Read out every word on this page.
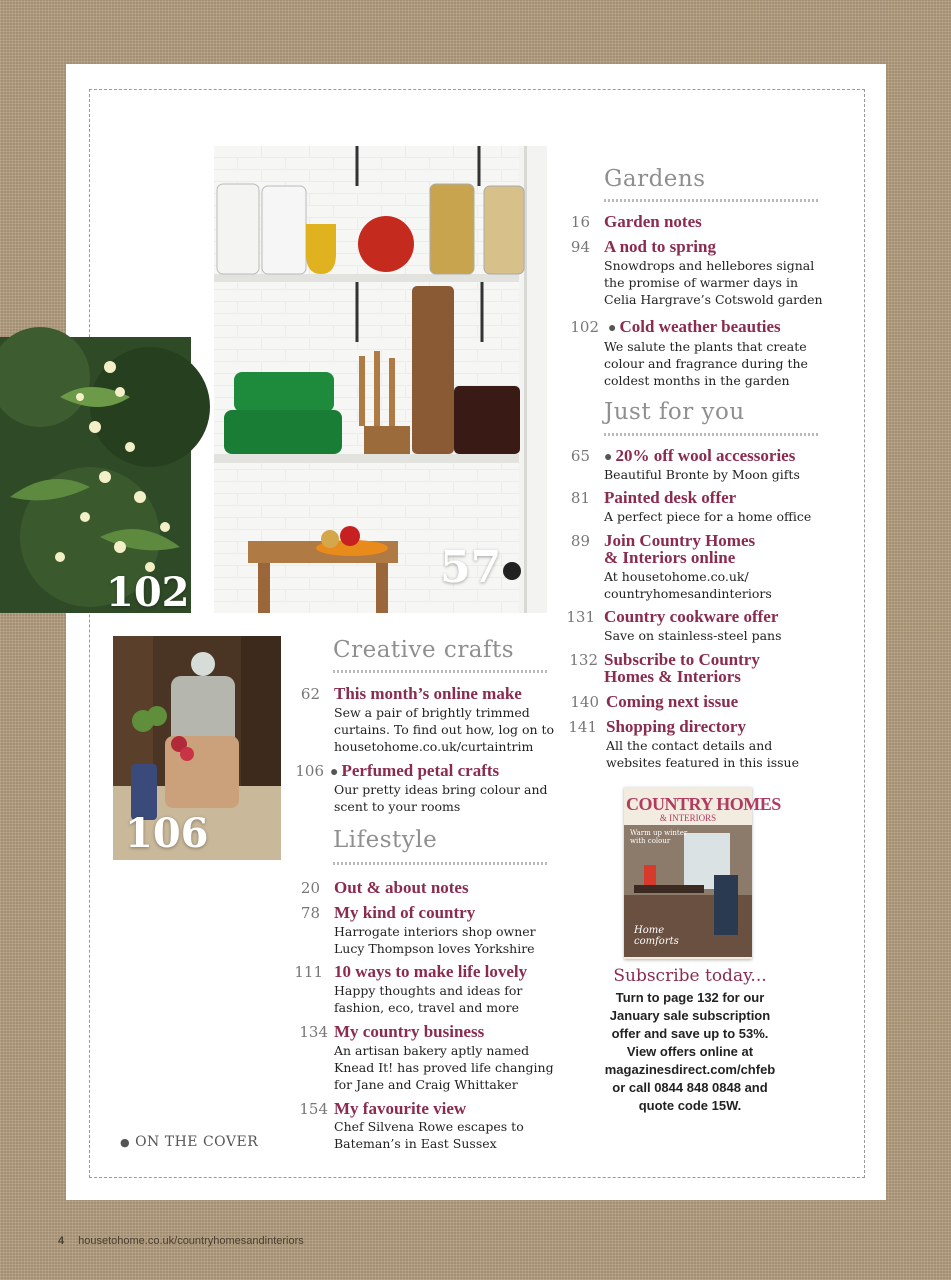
57
102
106
COUNTRY HOMES
& INTERIORS
Warm up winter with colour
Home comforts
Gardens
16 Garden notes
94 A nod to spring
Snowdrops and hellebores signal
the promise of warmer days in
Celia Hargrave’s Cotswold garden
102 ● Cold weather beauties
We salute the plants that create
colour and fragrance during the
coldest months in the garden
Just for you
65 ● 20% off wool accessories
Beautiful Bronte by Moon gifts
81 Painted desk offer
A perfect piece for a home office
89 Join Country Homes
& Interiors online
At housetohome.co.uk/
countryhomesandinteriors
131 Country cookware offer
Save on stainless-steel pans
132 Subscribe to Country
Homes & Interiors
140 Coming next issue
141 Shopping directory
All the contact details and
websites featured in this issue
Subscribe today...
Turn to page 132 for our
January sale subscription
offer and save up to 53%.
View offers online at
magazinesdirect.com/chfeb
or call 0844 848 0848 and
quote code 15W.
Creative crafts
62 This month’s online make
Sew a pair of brightly trimmed
curtains. To find out how, log on to
housetohome.co.uk/curtaintrim
106 ● Perfumed petal crafts
Our pretty ideas bring colour and
scent to your rooms
Lifestyle
20 Out & about notes
78 My kind of country
Harrogate interiors shop owner
Lucy Thompson loves Yorkshire
111 10 ways to make life lovely
Happy thoughts and ideas for
fashion, eco, travel and more
134 My country business
An artisan bakery aptly named
Knead It! has proved life changing
for Jane and Craig Whittaker
154 My favourite view
Chef Silvena Rowe escapes to
Bateman’s in East Sussex
● ON THE COVER
4 housetohome.co.uk/countryhomesandinteriors
